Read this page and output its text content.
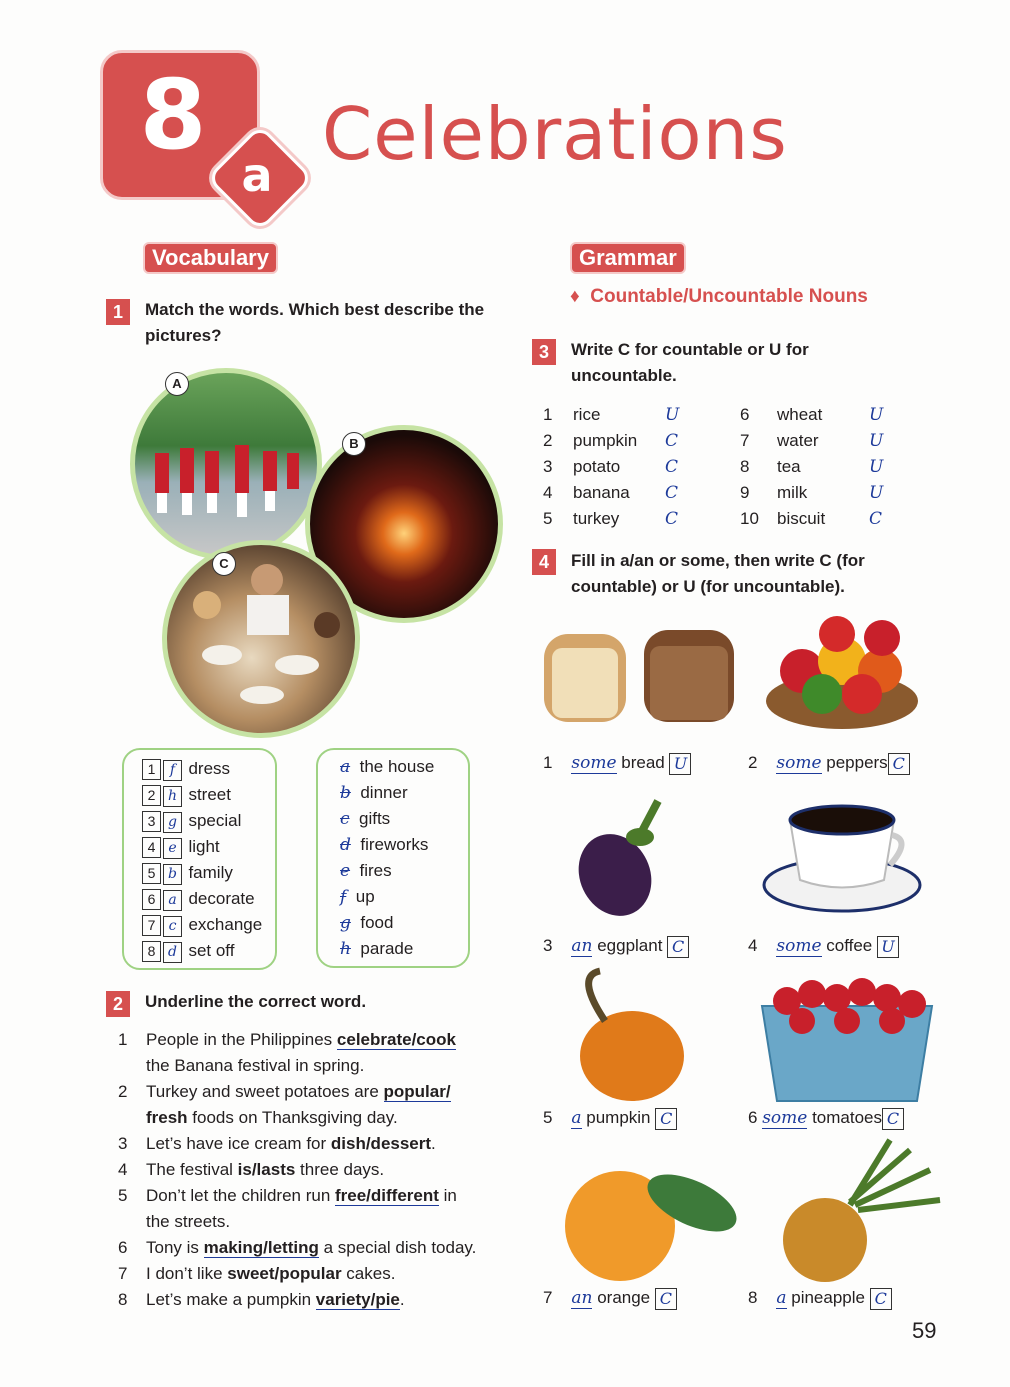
8
a Celebrations
Vocabulary
1	Match the words. Which best describe the pictures?
A
B
C
1 f dress
2 h street
3 g special
4 e light
5 b family
6 a decorate
7 c exchange
8 d set off
a the house
b dinner
c gifts
d fireworks
e fires
f up
g food
h parade
2	Underline the correct word.
1 People in the Philippines celebrate/cook
the Banana festival in spring.
2 Turkey and sweet potatoes are popular/
fresh foods on Thanksgiving day.
3 Let’s have ice cream for dish/dessert.
4 The festival is/lasts three days.
5 Don’t let the children run free/different in
the streets.
6 Tony is making/letting a special dish today.
7 I don’t like sweet/popular cakes.
8 Let’s make a pumpkin variety/pie.
Grammar
♦ Countable/Uncountable Nouns
3	Write C for countable or U for uncountable.
1 rice	U
2 pumpkin C
3 potato	C
4 banana C
5 turkey	C
6 wheat	U
7 water	U
8 tea	U
9 milk	U
10 biscuit	C
4	Fill in a/an or some, then write C (for countable) or U (for uncountable).
1 some bread U	2 some peppers C
3 an eggplant C	4 some coffee U
5 a pumpkin C	6 some tomatoes C
7 an orange C	8 a pineapple C
59
